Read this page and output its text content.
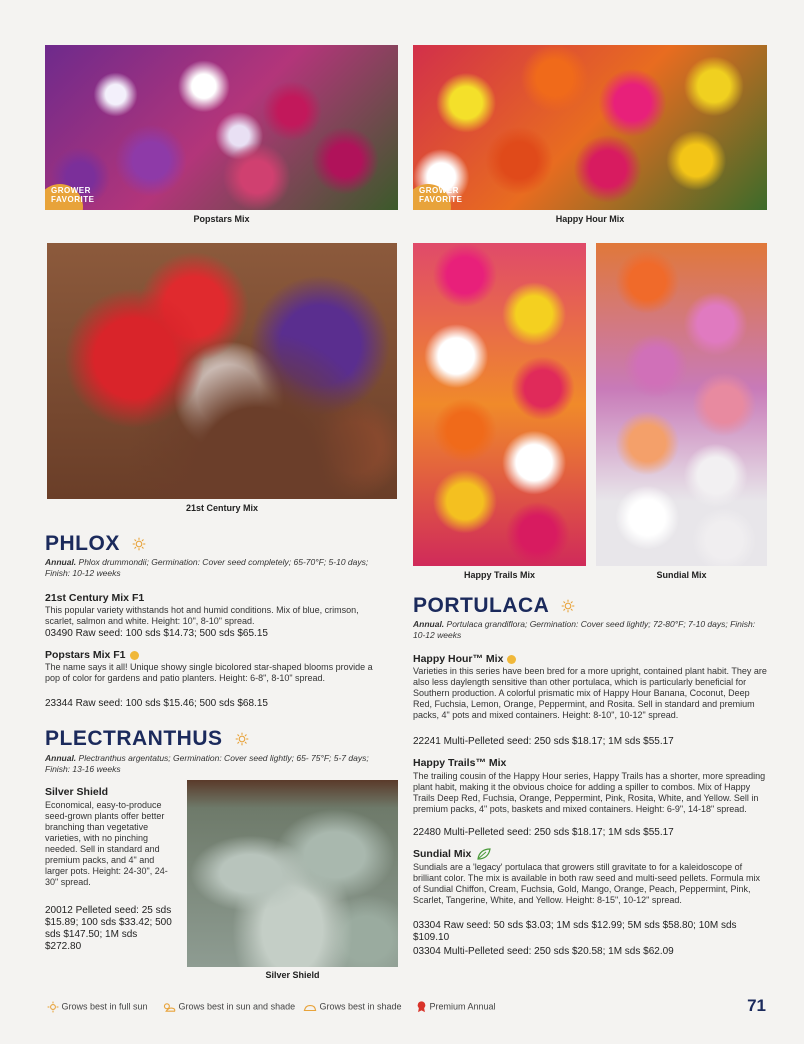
GROWER
FAVORITE
Popstars Mix
GROWER
FAVORITE
Happy Hour Mix
21st Century Mix
Happy Trails Mix	Sundial Mix
Silver Shield
PHLOX
Annual. Phlox drummondii; Germination: Cover seed completely; 65-70°F; 5-10 days; Finish: 10-12 weeks
21st Century Mix F1
This popular variety withstands hot and humid conditions. Mix of blue, crimson, scarlet, salmon and white. Height: 10", 8-10" spread.
03490 Raw seed: 100 sds $14.73; 500 sds $65.15
Popstars Mix F1
The name says it all! Unique showy single bicolored star-shaped blooms provide a pop of color for gardens and patio planters. Height: 6-8", 8-10" spread.
23344 Raw seed: 100 sds $15.46; 500 sds $68.15
PLECTRANTHUS
Annual. Plectranthus argentatus; Germination: Cover seed lightly; 65- 75°F; 5-7 days; Finish: 13-16 weeks
Silver Shield
Economical, easy-to-produce seed-grown plants offer better branching than vegetative varieties, with no pinching needed. Sell in standard and premium packs, and 4" and larger pots. Height: 24-30", 24-30" spread.
20012 Pelleted seed: 25 sds $15.89; 100 sds $33.42; 500 sds $147.50; 1M sds $272.80
PORTULACA
Annual. Portulaca grandiflora; Germination: Cover seed lightly; 72-80°F; 7-10 days; Finish: 10-12 weeks
Happy Hour™ Mix
Varieties in this series have been bred for a more upright, contained plant habit. They are also less daylength sensitive than other portulaca, which is particularly beneficial for Southern production. A colorful prismatic mix of Happy Hour Banana, Coconut, Deep Red, Fuchsia, Lemon, Orange, Peppermint, and Rosita. Sell in standard and premium packs, 4" pots and mixed containers. Height: 8-10", 10-12" spread.
22241 Multi-Pelleted seed: 250 sds $18.17; 1M sds $55.17
Happy Trails™ Mix
The trailing cousin of the Happy Hour series, Happy Trails has a shorter, more spreading plant habit, making it the obvious choice for adding a spiller to combos. Mix of Happy Trails Deep Red, Fuchsia, Orange, Peppermint, Pink, Rosita, White, and Yellow. Sell in premium packs, 4" pots, baskets and mixed containers. Height: 6-9", 14-18" spread.
22480 Multi-Pelleted seed: 250 sds $18.17; 1M sds $55.17
Sundial Mix
Sundials are a 'legacy' portulaca that growers still gravitate to for a kaleidoscope of brilliant color. The mix is available in both raw seed and multi-seed pellets. Formula mix of Sundial Chiffon, Cream, Fuchsia, Gold, Mango, Orange, Peach, Peppermint, Pink, Scarlet, Tangerine, White, and Yellow. Height: 8-15", 10-12" spread.
03304 Raw seed: 50 sds $3.03; 1M sds $12.99; 5M sds $58.80; 10M sds $109.10
03304 Multi-Pelleted seed: 250 sds $20.58; 1M sds $62.09
Grows best in full sun	Grows best in sun and shade	Grows best in shade	Premium Annual	71
